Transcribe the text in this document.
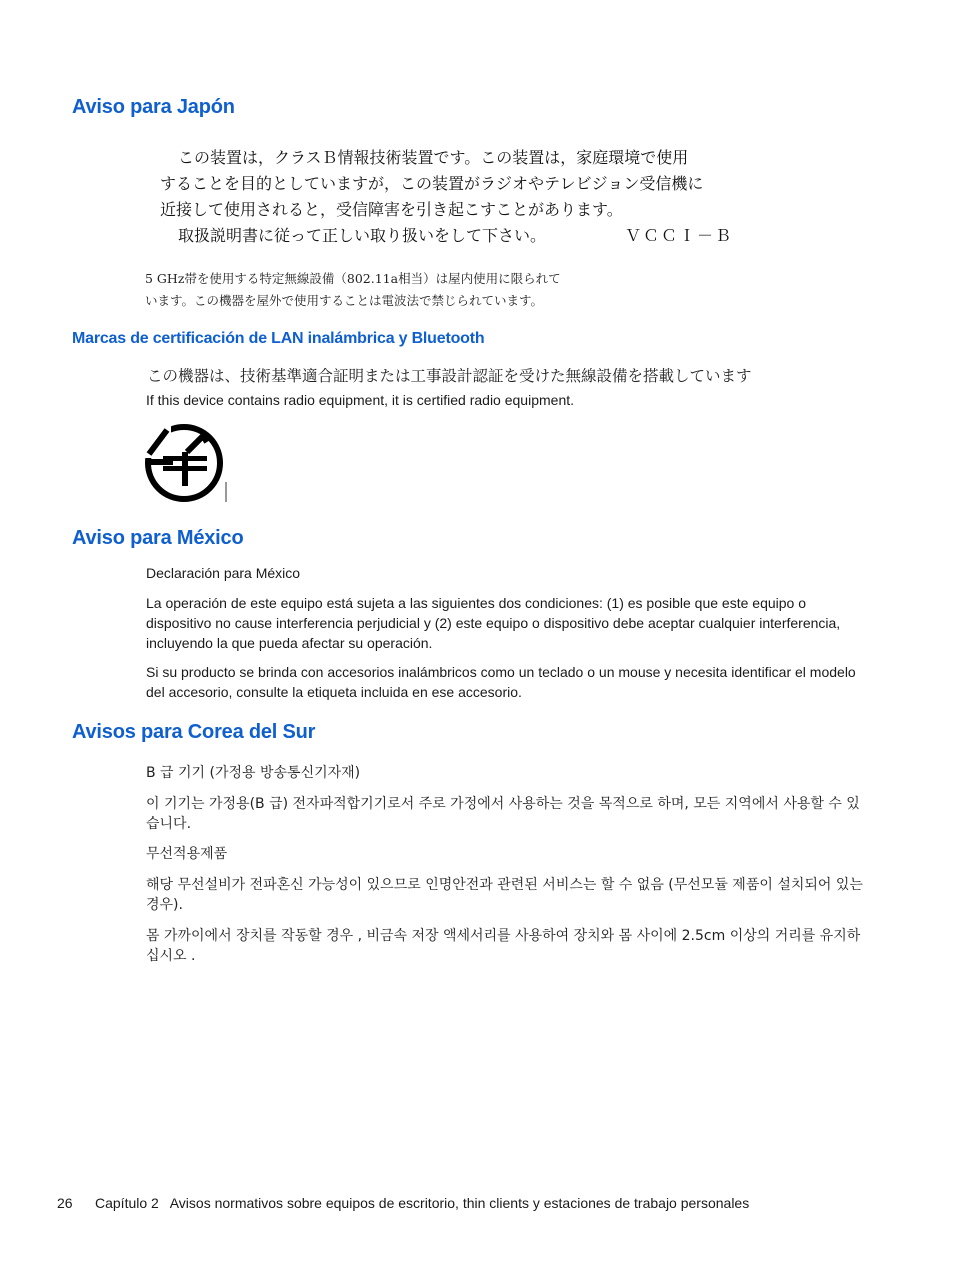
Aviso para Japón
この装置は，クラスＢ情報技術装置です。この装置は，家庭環境で使用
することを目的としていますが，この装置がラジオやテレビジョン受信機に
近接して使用されると，受信障害を引き起こすことがあります。
取扱説明書に従って正しい取り扱いをして下さい。	ＶＣＣＩ－Ｂ
5 GHz帯を使用する特定無線設備（802.11a相当）は屋内使用に限られて
います。この機器を屋外で使用することは電波法で禁じられています。
Marcas de certificación de LAN inalámbrica y Bluetooth
この機器は、技術基準適合証明または工事設計認証を受けた無線設備を搭載しています
If this device contains radio equipment, it is certified radio equipment.
Aviso para México
Declaración para México
La operación de este equipo está sujeta a las siguientes dos condiciones: (1) es posible que este equipo o dispositivo no cause interferencia perjudicial y (2) este equipo o dispositivo debe aceptar cualquier interferencia, incluyendo la que pueda afectar su operación.
Si su producto se brinda con accesorios inalámbricos como un teclado o un mouse y necesita identificar el modelo del accesorio, consulte la etiqueta incluida en ese accesorio.
Avisos para Corea del Sur
B 급 기기 (가정용 방송통신기자재)
이 기기는 가정용(B 급) 전자파적합기기로서 주로 가정에서 사용하는 것을 목적으로 하며, 모든 지역에서 사용할 수 있습니다.
무선적용제품
해당 무선설비가 전파혼신 가능성이 있으므로 인명안전과 관련된 서비스는 할 수 없음 (무선모듈 제품이 설치되어 있는 경우).
몸 가까이에서 장치를 작동할 경우 , 비금속 저장 액세서리를 사용하여 장치와 몸 사이에 2.5cm 이상의 거리를 유지하십시오 .
26 Capítulo 2   Avisos normativos sobre equipos de escritorio, thin clients y estaciones de trabajo personales
